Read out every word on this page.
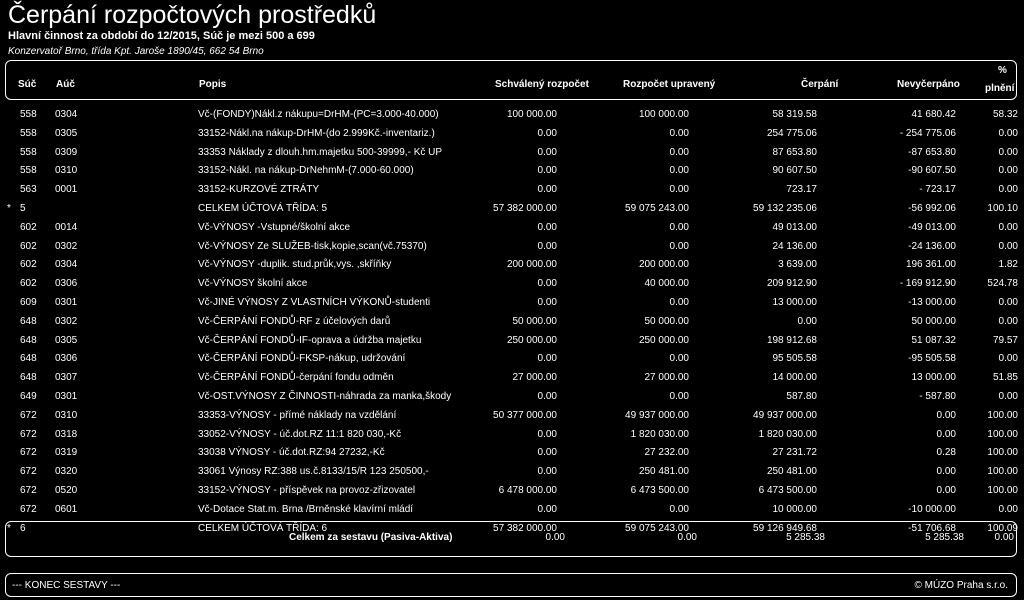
Čerpání rozpočtových prostředků
Hlavní činnost za období do 12/2015, Súč je mezi 500 a 699
Konzervatoř Brno, třída Kpt. Jaroše 1890/45, 662 54 Brno
Súč Aúč	Popis	Schválený rozpočet	Rozpočet upravený	Čerpání	Nevyčerpáno
%
plnění
558 0304	Vč-(FONDY)Nákl.z nákupu=DrHM-(PC=3.000-40.000)	100 000.00	100 000.00	58 319.58	41 680.42	58.32
558 0305	33152-Nákl.na nákup-DrHM-(do 2.999Kč.-inventariz.)	0.00	0.00	254 775.06	- 254 775.06	0.00
558 0309	33353 Náklady z dlouh.hm.majetku 500-39999,- Kč UP	0.00	0.00	87 653.80	-87 653.80	0.00
558 0310	33152-Nákl. na nákup-DrNehmM-(7.000-60.000)	0.00	0.00	90 607.50	-90 607.50	0.00
563 0001	33152-KURZOVÉ ZTRÁTY	0.00	0.00	723.17	- 723.17	0.00
* 5	CELKEM ÚČTOVÁ TŘÍDA: 5	57 382 000.00	59 075 243.00	59 132 235.06	-56 992.06	100.10
602 0014	Vč-VÝNOSY -Vstupné/školní akce	0.00	0.00	49 013.00	-49 013.00	0.00
602 0302	Vč-VÝNOSY Ze SLUŽEB-tisk,kopie,scan(vč.75370)	0.00	0.00	24 136.00	-24 136.00	0.00
602 0304	Vč-VÝNOSY -duplik. stud.průk,vys. ,skříňky	200 000.00	200 000.00	3 639.00	196 361.00	1.82
602 0306	Vč-VÝNOSY školní akce	0.00	40 000.00	209 912.90	- 169 912.90	524.78
609 0301	Vč-JINÉ VÝNOSY Z VLASTNÍCH VÝKONŮ-studenti	0.00	0.00	13 000.00	-13 000.00	0.00
648 0302	Vč-ČERPÁNÍ FONDŮ-RF z účelových darů	50 000.00	50 000.00	0.00	50 000.00	0.00
648 0305	Vč-ČERPÁNÍ FONDŮ-IF-oprava a údržba majetku	250 000.00	250 000.00	198 912.68	51 087.32	79.57
648 0306	Vč-ČERPÁNÍ FONDŮ-FKSP-nákup, udržování	0.00	0.00	95 505.58	-95 505.58	0.00
648 0307	Vč-ČERPÁNÍ FONDŮ-čerpání fondu odměn	27 000.00	27 000.00	14 000.00	13 000.00	51.85
649 0301	Vč-OST.VÝNOSY Z ČINNOSTI-náhrada za manka,škody	0.00	0.00	587.80	- 587.80	0.00
672 0310	33353-VÝNOSY - přímé náklady na vzdělání	50 377 000.00	49 937 000.00	49 937 000.00	0.00	100.00
672 0318	33052-VÝNOSY - úč.dot.RZ 11:1 820 030,-Kč	0.00	1 820 030.00	1 820 030.00	0.00	100.00
672 0319	33038 VÝNOSY - úč.dot.RZ:94 27232,-Kč	0.00	27 232.00	27 231.72	0.28	100.00
672 0320	33061 Výnosy RZ:388 us.č.8133/15/R 123 250500,-	0.00	250 481.00	250 481.00	0.00	100.00
672 0520	33152-VÝNOSY - příspěvek na provoz-zřizovatel	6 478 000.00	6 473 500.00	6 473 500.00	0.00	100.00
672 0601	Vč-Dotace Stat.m. Brna /Brněnské klavírní mládí	0.00	0.00	10 000.00	-10 000.00	0.00
* 6	CELKEM ÚČTOVÁ TŘÍDA: 6	57 382 000.00	59 075 243.00	59 126 949.68	-51 706.68	100.09
Celkem za sestavu (Pasiva-Aktiva)	0.00	0.00	5 285.38	5 285.38	0.00
--- KONEC SESTAVY ---	© MÚZO Praha s.r.o.
